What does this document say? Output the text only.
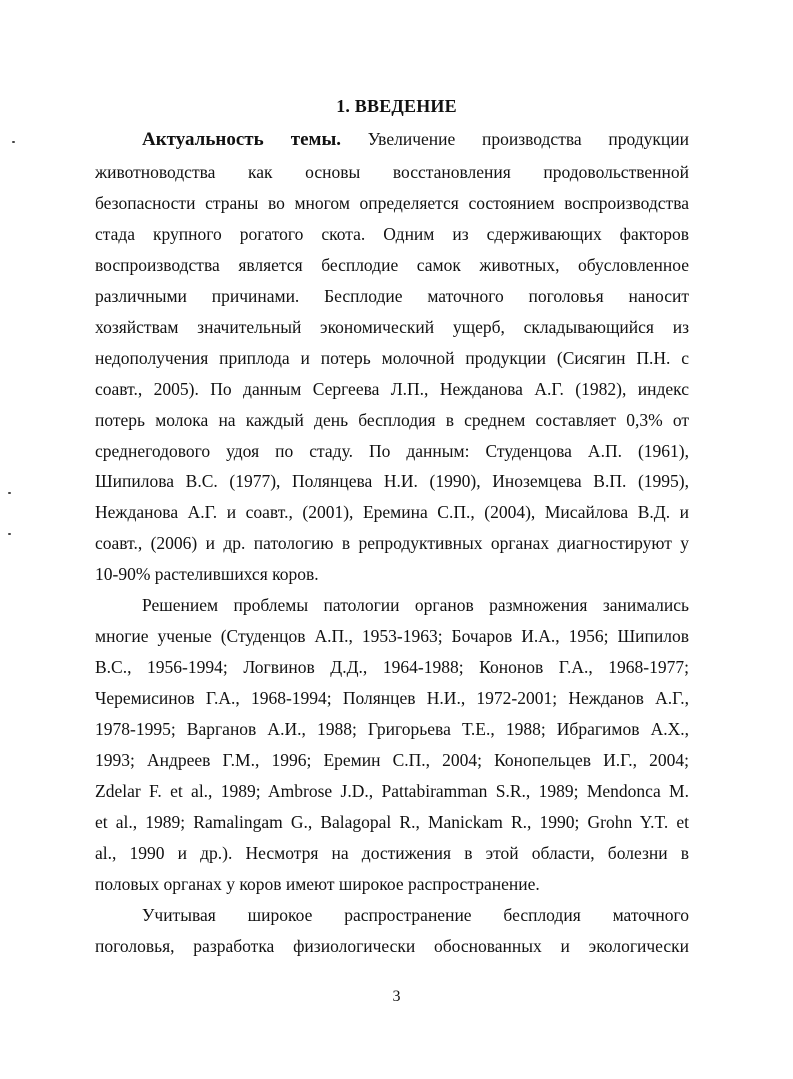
1. ВВЕДЕНИЕ
Актуальность темы. Увеличение производства продукции
животноводства как основы восстановления продовольственной
безопасности страны во многом определяется состоянием воспроизводства
стада крупного рогатого скота. Одним из сдерживающих факторов
воспроизводства является бесплодие самок животных, обусловленное
различными причинами. Бесплодие маточного поголовья наносит
хозяйствам значительный экономический ущерб, складывающийся из
недополучения приплода и потерь молочной продукции (Сисягин П.Н. с
соавт., 2005). По данным Сергеева Л.П., Нежданова А.Г. (1982), индекс
потерь молока на каждый день бесплодия в среднем составляет 0,3% от
среднегодового удоя по стаду. По данным: Студенцова А.П. (1961),
Шипилова В.С. (1977), Полянцева Н.И. (1990), Иноземцева В.П. (1995),
Нежданова А.Г. и соавт., (2001), Еремина С.П., (2004), Мисайлова В.Д. и
соавт., (2006) и др. патологию в репродуктивных органах диагностируют у
10-90% растелившихся коров.
Решением проблемы патологии органов размножения занимались
многие ученые (Студенцов А.П., 1953-1963; Бочаров И.А., 1956; Шипилов
В.С., 1956-1994; Логвинов Д.Д., 1964-1988; Кононов Г.А., 1968-1977;
Черемисинов Г.А., 1968-1994; Полянцев Н.И., 1972-2001; Нежданов А.Г.,
1978-1995; Варганов А.И., 1988; Григорьева Т.Е., 1988; Ибрагимов А.Х.,
1993; Андреев Г.М., 1996; Еремин С.П., 2004; Конопельцев И.Г., 2004;
Zdelar F. et al., 1989; Ambrose J.D., Pattabiramman S.R., 1989; Mendonca M.
et al., 1989; Ramalingam G., Balagopal R., Manickam R., 1990; Grohn Y.T. et
al., 1990 и др.). Несмотря на достижения в этой области, болезни в
половых органах у коров имеют широкое распространение.
Учитывая широкое распространение бесплодия маточного
поголовья, разработка физиологически обоснованных и экологически
3
